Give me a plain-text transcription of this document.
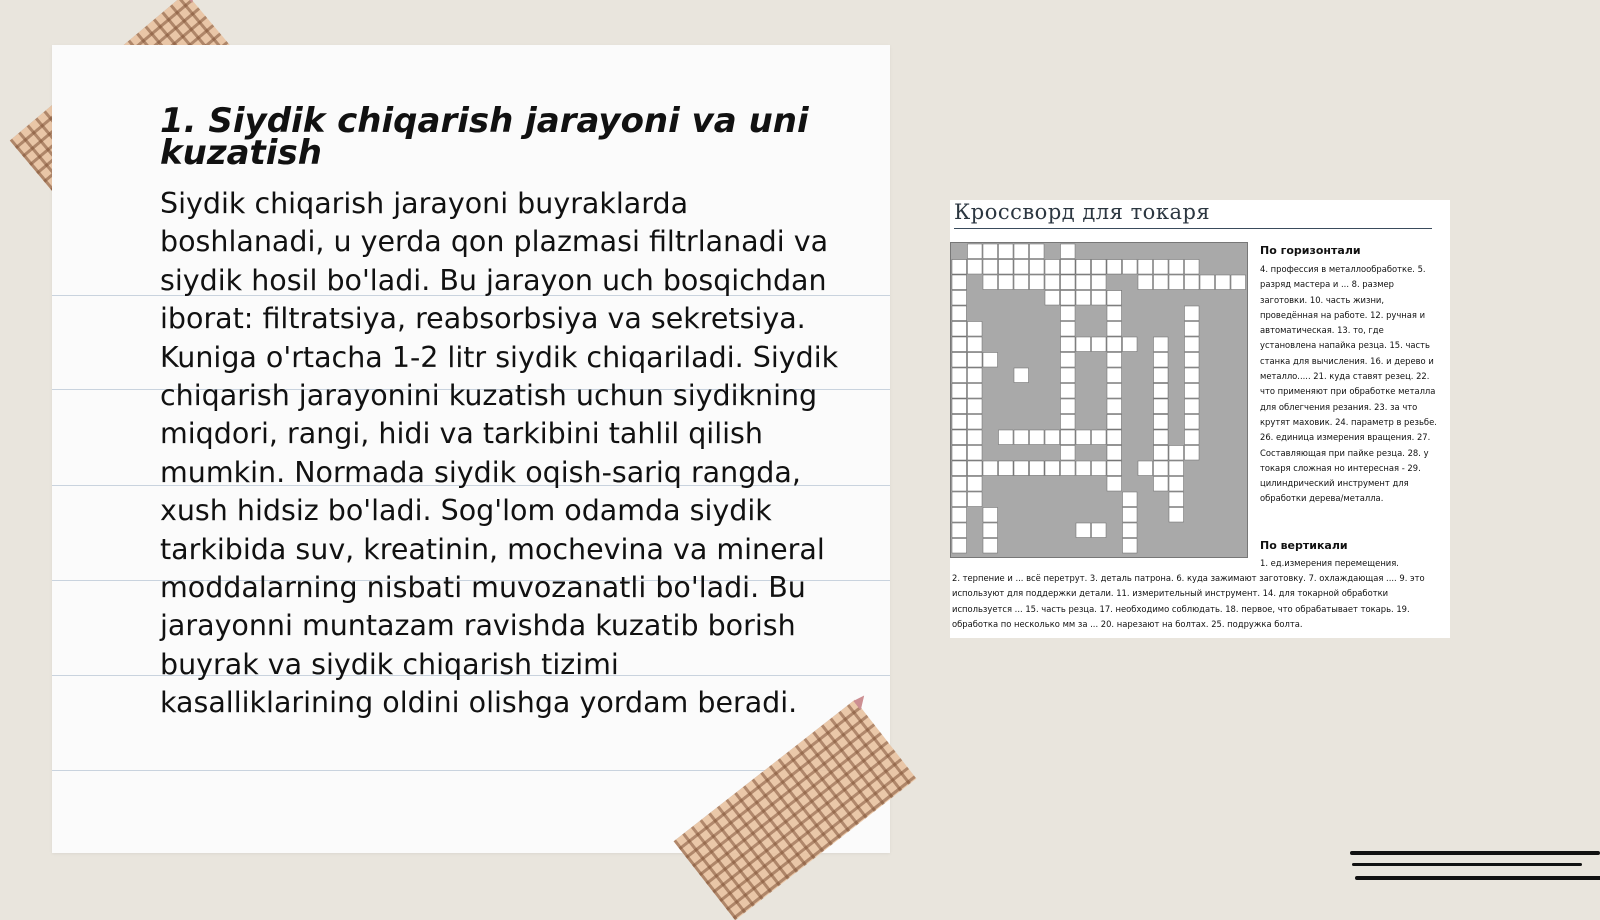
1. Siydik chiqarish jarayoni va uni kuzatish

Siydik chiqarish jarayoni buyraklarda boshlanadi, u yerda qon plazmasi filtrlanadi va siydik hosil bo'ladi. Bu jarayon uch bosqichdan iborat: filtratsiya, reabsorbsiya va sekretsiya. Kuniga o'rtacha 1-2 litr siydik chiqariladi. Siydik chiqarish jarayonini kuzatish uchun siydikning miqdori, rangi, hidi va tarkibini tahlil qilish mumkin. Normada siydik oqish-sariq rangda, xush hidsiz bo'ladi. Sog'lom odamda siydik tarkibida suv, kreatinin, mochevina va mineral moddalarning nisbati muvozanatli bo'ladi. Bu jarayonni muntazam ravishda kuzatib borish buyrak va siydik chiqarish tizimi kasalliklarining oldini olishga yordam beradi.

Кроссворд для токаря
По горизонтали
4. профессия в металлообработке. 5. разряд мастера и ... 8. размер заготовки. 10. часть жизни, проведённая на работе. 12. ручная и автоматическая. 13. то, где установлена напайка резца. 15. часть станка для вычисления. 16. и дерево и металло..... 21. куда ставят резец. 22. что применяют при обработке металла для облегчения резания. 23. за что крутят маховик. 24. параметр в резьбе. 26. единица измерения вращения. 27. Составляющая при пайке резца. 28. у токаря сложная но интересная - 29. цилиндрический инструмент для обработки дерева/металла.
По вертикали
1. ед.измерения перемещения.
2. терпение и ... всё перетрут. 3. деталь патрона. 6. куда зажимают заготовку. 7. охлаждающая .... 9. это используют для поддержки детали. 11. измерительный инструмент. 14. для токарной обработки используется ... 15. часть резца. 17. необходимо соблюдать. 18. первое, что обрабатывает токарь. 19. обработка по несколько мм за ... 20. нарезают на болтах. 25. подружка болта.
